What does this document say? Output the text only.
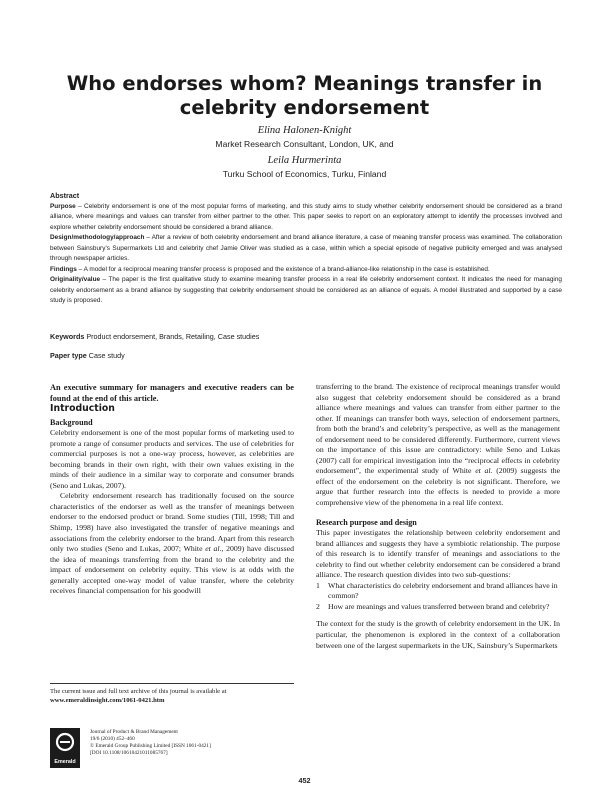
Who endorses whom? Meanings transfer in
celebrity endorsement
Elina Halonen-Knight
Market Research Consultant, London, UK, and
Leila Hurmerinta
Turku School of Economics, Turku, Finland
Abstract

Purpose – Celebrity endorsement is one of the most popular forms of marketing, and this study aims to study whether celebrity endorsement should be considered as a brand alliance, where meanings and values can transfer from either partner to the other. This paper seeks to report on an exploratory attempt to identify the processes involved and explore whether celebrity endorsement should be considered a brand alliance.

Design/methodology/approach – After a review of both celebrity endorsement and brand alliance literature, a case of meaning transfer process was examined. The collaboration between Sainsbury’s Supermarkets Ltd and celebrity chef Jamie Oliver was studied as a case, within which a special episode of negative publicity emerged and was analysed through newspaper articles.

Findings – A model for a reciprocal meaning transfer process is proposed and the existence of a brand-alliance-like relationship in the case is established.

Originality/value – The paper is the first qualitative study to examine meaning transfer process in a real life celebrity endorsement context. It indicates the need for managing celebrity endorsement as a brand alliance by suggesting that celebrity endorsement should be considered as an alliance of equals. A model illustrated and supported by a case study is proposed.

Keywords Product endorsement, Brands, Retailing, Case studies
Paper type Case study

An executive summary for managers and executive readers can be found at the end of this article.

Introduction
Background

Celebrity endorsement is one of the most popular forms of marketing used to promote a range of consumer products and services. The use of celebrities for commercial purposes is not a one-way process, however, as celebrities are becoming brands in their own right, with their own values existing in the minds of their audience in a similar way to corporate and consumer brands (Seno and Lukas, 2007).

Celebrity endorsement research has traditionally focused on the source characteristics of the endorser as well as the transfer of meanings between endorser to the endorsed product or brand. Some studies (Till, 1998; Till and Shimp, 1998) have also investigated the transfer of negative meanings and associations from the celebrity endorser to the brand. Apart from this research only two studies (Seno and Lukas, 2007; White et al., 2009) have discussed the idea of meanings transferring from the brand to the celebrity and the impact of endorsement on celebrity equity. This view is at odds with the generally accepted one-way model of value transfer, where the celebrity receives financial compensation for his goodwill

transferring to the brand. The existence of reciprocal meanings transfer would also suggest that celebrity endorsement should be considered as a brand alliance where meanings and values can transfer from either partner to the other. If meanings can transfer both ways, selection of endorsement partners, from both the brand’s and celebrity’s perspective, as well as the management of endorsement need to be considered differently. Furthermore, current views on the importance of this issue are contradictory: while Seno and Lukas (2007) call for empirical investigation into the “reciprocal effects in celebrity endorsement”, the experimental study of White et al. (2009) suggests the effect of the endorsement on the celebrity is not significant. Therefore, we argue that further research into the effects is needed to provide a more comprehensive view of the phenomena in a real life context.

Research purpose and design

This paper investigates the relationship between celebrity endorsement and brand alliances and suggests they have a symbiotic relationship. The purpose of this research is to identify transfer of meanings and associations to the celebrity to find out whether celebrity endorsement can be considered a brand alliance. The research question divides into two sub-questions:

1	What characteristics do celebrity endorsement and brand alliances have in common?
2	How are meanings and values transferred between brand and celebrity?

The context for the study is the growth of celebrity endorsement in the UK. In particular, the phenomenon is explored in the context of a collaboration between one of the largest supermarkets in the UK, Sainsbury’s Supermarkets

The current issue and full text archive of this journal is available at
www.emeraldinsight.com/1061-0421.htm
Emerald
Journal of Product & Brand Management
19/6 (2010) 452–460
© Emerald Group Publishing Limited [ISSN 1061-0421]
[DOI 10.1108/10610421011085767]
452
